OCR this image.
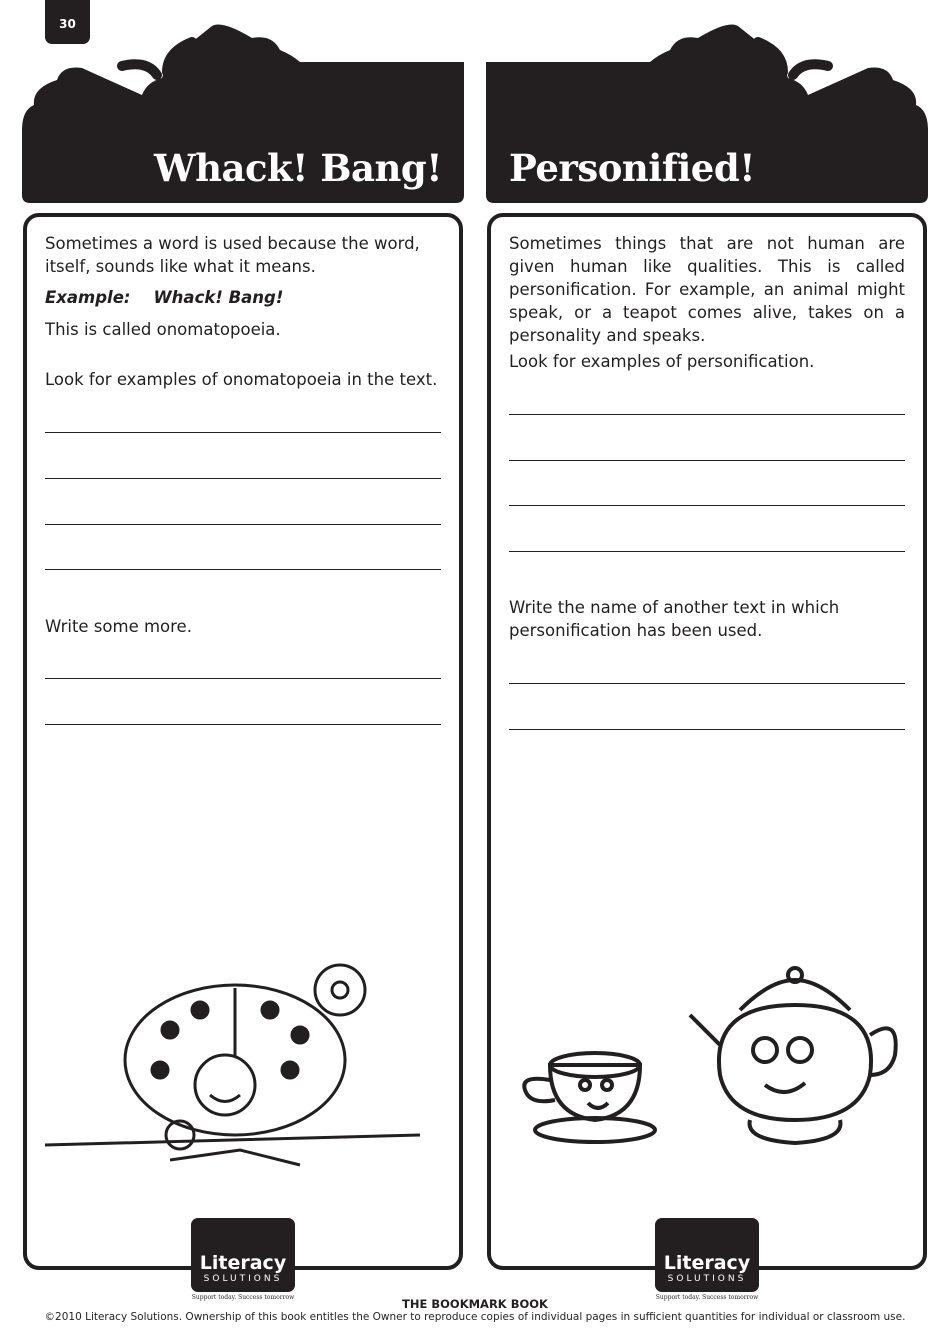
30
Whack! Bang!
Sometimes a word is used because the word, itself, sounds like what it means.
Example: Whack! Bang!
This is called onomatopoeia.
Look for examples of onomatopoeia in the text.
Write some more.
Literacy
SOLUTIONS
Support today. Success tomorrow
Personified!
Sometimes things that are not human are given human like qualities. This is called personification. For example, an animal might speak, or a teapot comes alive, takes on a personality and speaks.
Look for examples of personification.
Write the name of another text in which personification has been used.
Literacy
SOLUTIONS
Support today. Success tomorrow
THE BOOKMARK BOOK
©2010 Literacy Solutions. Ownership of this book entitles the Owner to reproduce copies of individual pages in sufficient quantities for individual or classroom use.
